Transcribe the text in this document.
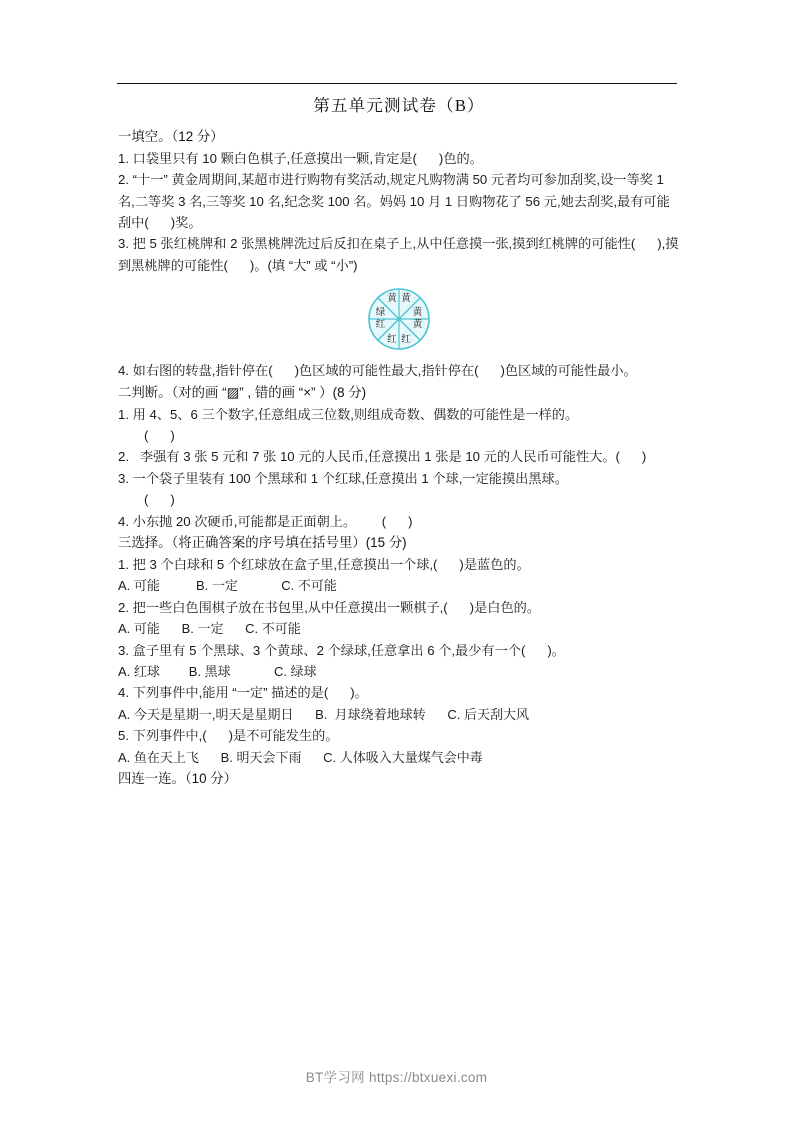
第五单元测试卷（B）
一填空。（12 分）
1. 口袋里只有 10 颗白色棋子,任意摸出一颗,肯定是(      )色的。
2. “十一” 黄金周期间,某超市进行购物有奖活动,规定凡购物满 50 元者均可参加刮奖,设一等奖 1 名,二等奖 3 名,三等奖 10 名,纪念奖 100 名。妈妈 10 月 1 日购物花了 56 元,她去刮奖,最有可能刮中(      )奖。
3. 把 5 张红桃牌和 2 张黑桃牌洗过后反扣在桌子上,从中任意摸一张,摸到红桃牌的可能性(      ),摸到黑桃牌的可能性(      )。(填 “大” 或 “小”)
黄 黄
黄
黄
红
红
红
绿
4. 如右图的转盘,指针停在(      )色区域的可能性最大,指针停在(      )色区域的可能性最小。
二判断。（对的画 “▨” , 错的画 “×” ）(8 分)
1. 用 4、5、6 三个数字,任意组成三位数,则组成奇数、偶数的可能性是一样的。
(      )
2.   李强有 3 张 5 元和 7 张 10 元的人民币,任意摸出 1 张是 10 元的人民币可能性大。(      )
3. 一个袋子里装有 100 个黑球和 1 个红球,任意摸出 1 个球,一定能摸出黑球。
(      )
4. 小东抛 20 次硬币,可能都是正面朝上。       (      )
三选择。（将正确答案的序号填在括号里）(15 分)
1. 把 3 个白球和 5 个红球放在盒子里,任意摸出一个球,(      )是蓝色的。
A. 可能          B. 一定            C. 不可能
2. 把一些白色围棋子放在书包里,从中任意摸出一颗棋子,(      )是白色的。
A. 可能      B. 一定      C. 不可能
3. 盒子里有 5 个黑球、3 个黄球、2 个绿球,任意拿出 6 个,最少有一个(      )。
A. 红球        B. 黑球            C. 绿球
4. 下列事件中,能用 “一定” 描述的是(      )。
A. 今天是星期一,明天是星期日      B.  月球绕着地球转      C. 后天刮大风
5. 下列事件中,(      )是不可能发生的。
A. 鱼在天上飞      B. 明天会下雨      C. 人体吸入大量煤气会中毒
四连一连。（10 分）
BT学习网 https://btxuexi.com
